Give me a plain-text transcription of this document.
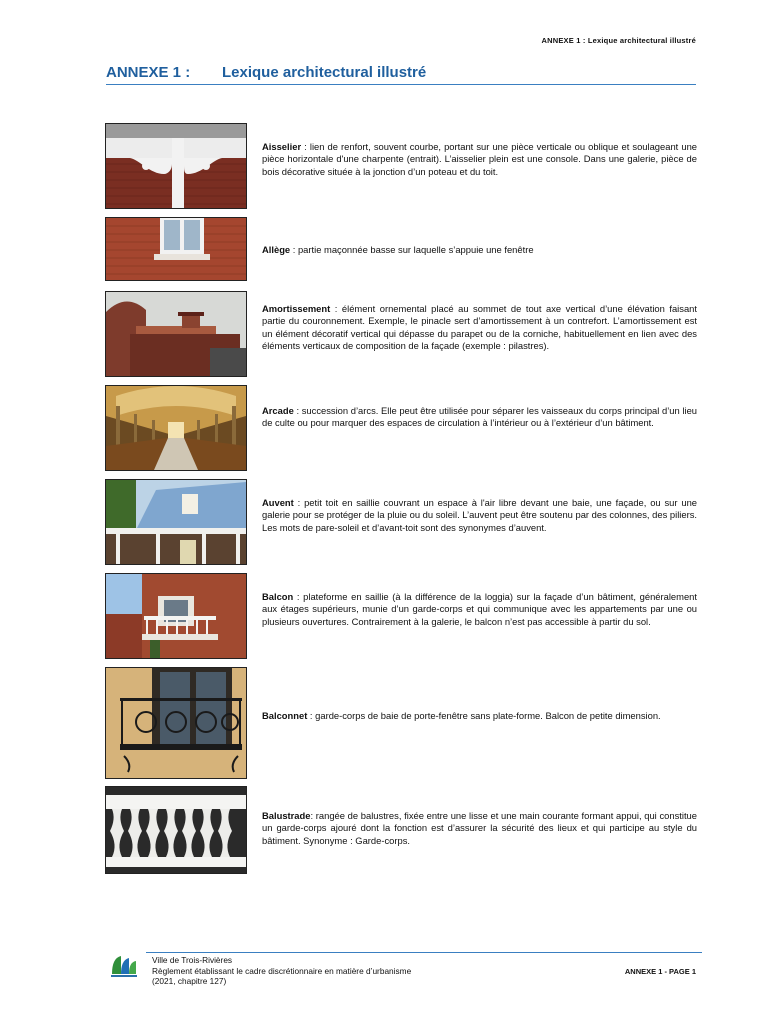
ANNEXE 1 : Lexique architectural illustré
ANNEXE 1 : Lexique architectural illustré
Aisselier : lien de renfort, souvent courbe, portant sur une pièce verticale ou oblique et soulageant une pièce horizontale d'une charpente (entrait). L’aisselier plein est une console. Dans une galerie, pièce de bois décorative située à la jonction d’un poteau et du toit.
Allège : partie maçonnée basse sur laquelle s’appuie une fenêtre
Amortissement : élément ornemental placé au sommet de tout axe vertical d’une élévation faisant partie du couronnement. Exemple, le pinacle sert d’amortissement à un contrefort. L’amortissement est un élément décoratif vertical qui dépasse du parapet ou de la corniche, habituellement en lien avec des éléments verticaux de composition de la façade (exemple : pilastres).
Arcade : succession d’arcs. Elle peut être utilisée pour séparer les vaisseaux du corps principal d’un lieu de culte ou pour marquer des espaces de circulation à l’intérieur ou à l’extérieur d’un bâtiment.
Auvent : petit toit en saillie couvrant un espace à l'air libre devant une baie, une façade, ou sur une galerie pour se protéger de la pluie ou du soleil. L’auvent peut être soutenu par des colonnes, des piliers. Les mots de pare-soleil et d’avant-toit sont des synonymes d’auvent.
Balcon : plateforme en saillie (à la différence de la loggia) sur la façade d’un bâtiment, généralement aux étages supérieurs, munie d’un garde-corps et qui communique avec les appartements par une ou plusieurs ouvertures. Contrairement à la galerie, le balcon n’est pas accessible à partir du sol.
Balconnet : garde-corps de baie de porte-fenêtre sans plate-forme. Balcon de petite dimension.
Balustrade: rangée de balustres, fixée entre une lisse et une main courante formant appui, qui constitue un garde-corps ajouré dont la fonction est d’assurer la sécurité des lieux et qui participe au style du bâtiment. Synonyme : Garde-corps.
Ville de Trois-Rivières
Règlement établissant le cadre discrétionnaire en matière d’urbanisme
(2021, chapitre 127)
ANNEXE 1 - PAGE 1
